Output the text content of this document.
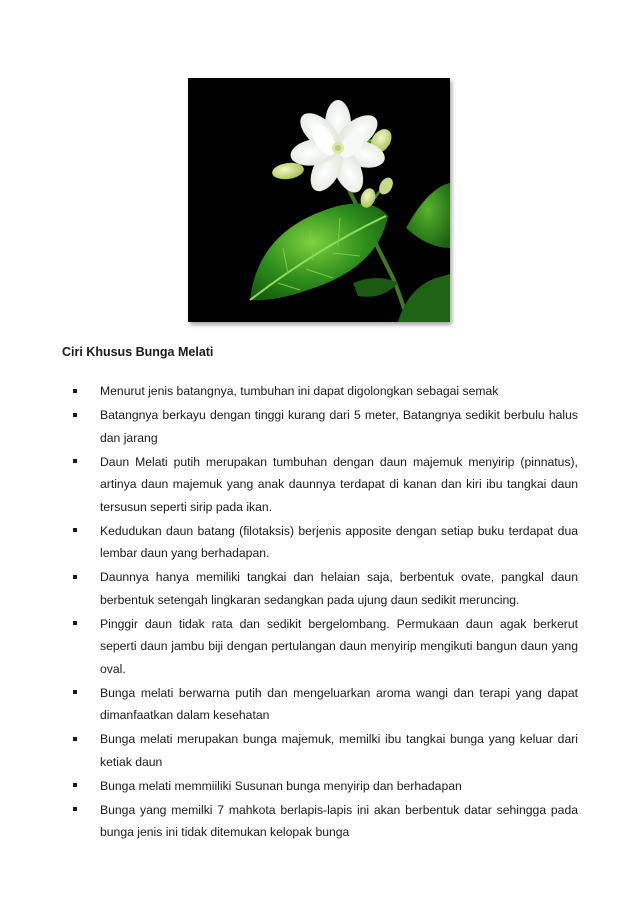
Ciri Khusus Bunga Melati
Menurut jenis batangnya, tumbuhan ini dapat digolongkan sebagai semak
Batangnya berkayu dengan tinggi kurang dari 5 meter, Batangnya sedikit berbulu halus dan jarang
Daun Melati putih merupakan tumbuhan dengan daun majemuk menyirip (pinnatus), artinya daun majemuk yang anak daunnya terdapat di kanan dan kiri ibu tangkai daun tersusun seperti sirip pada ikan.
Kedudukan daun batang (filotaksis) berjenis apposite dengan setiap buku terdapat dua lembar daun yang berhadapan.
Daunnya hanya memiliki tangkai dan helaian saja, berbentuk ovate, pangkal daun berbentuk setengah lingkaran sedangkan pada ujung daun sedikit meruncing.
Pinggir daun tidak rata dan sedikit bergelombang. Permukaan daun agak berkerut seperti daun jambu biji dengan pertulangan daun menyirip mengikuti bangun daun yang oval.
Bunga melati berwarna putih dan mengeluarkan aroma wangi dan terapi yang dapat dimanfaatkan dalam kesehatan
Bunga melati merupakan bunga majemuk, memilki ibu tangkai bunga yang keluar dari ketiak daun
Bunga melati memmiiliki Susunan bunga menyirip dan berhadapan
Bunga yang memilki 7 mahkota berlapis-lapis ini akan berbentuk datar sehingga pada bunga jenis ini tidak ditemukan kelopak bunga
